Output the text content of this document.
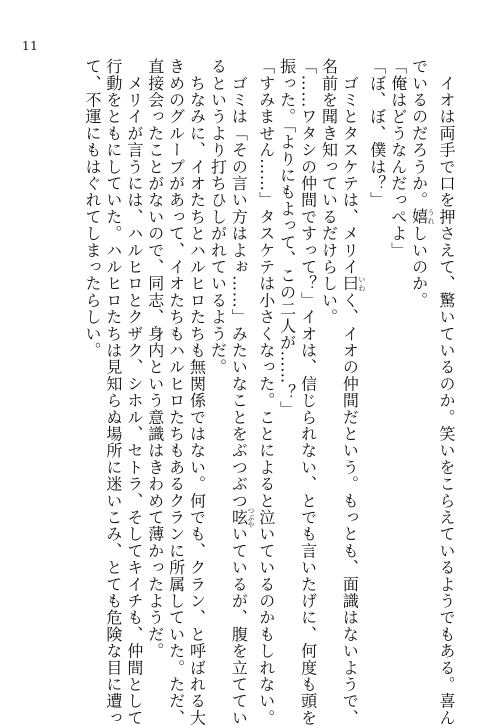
11
　イオは両手で口を押さえて、驚いているのか。笑いをこらえているようでもある。喜ん
でいるのだろうか。嬉うれしいのか。
「俺はどうなんだっぺよ」
「ぼ、ぼ、僕は？」
　ゴミとタスケテは、メリイ曰いわく、イオの仲間だという。もっとも、面識はないようで、
名前を聞き知っているだけらしい。
「……ワタシの仲間ですって？」イオは、信じられない、とでも言いたげに、何度も頭を
振った。「よりにもよって、この二人が……？」
「すみません……」タスケテは小さくなった。ことによると泣いているのかもしれない。
　ゴミは「その言い方はよぉ……」みたいなことをぶつぶつ呟つぶやいているが、腹を立ててい
るというより打ちひしがれているようだ。
　ちなみに、イオたちとハルヒロたちも無関係ではない。何でも、クラン、と呼ばれる大
きめのグループがあって、イオたちもハルヒロたちもあるクランに所属していた。ただ、
直接会ったことがないので、同志、身内という意識はきわめて薄かったようだ。
　メリイが言うには、ハルヒロとクザク、シホル、セトラ、そしてキイチも、仲間として
行動をともにしていた。ハルヒロたちは見知らぬ場所に迷いこみ、とても危険な目に遭っ
て、不運にもはぐれてしまったらしい。
